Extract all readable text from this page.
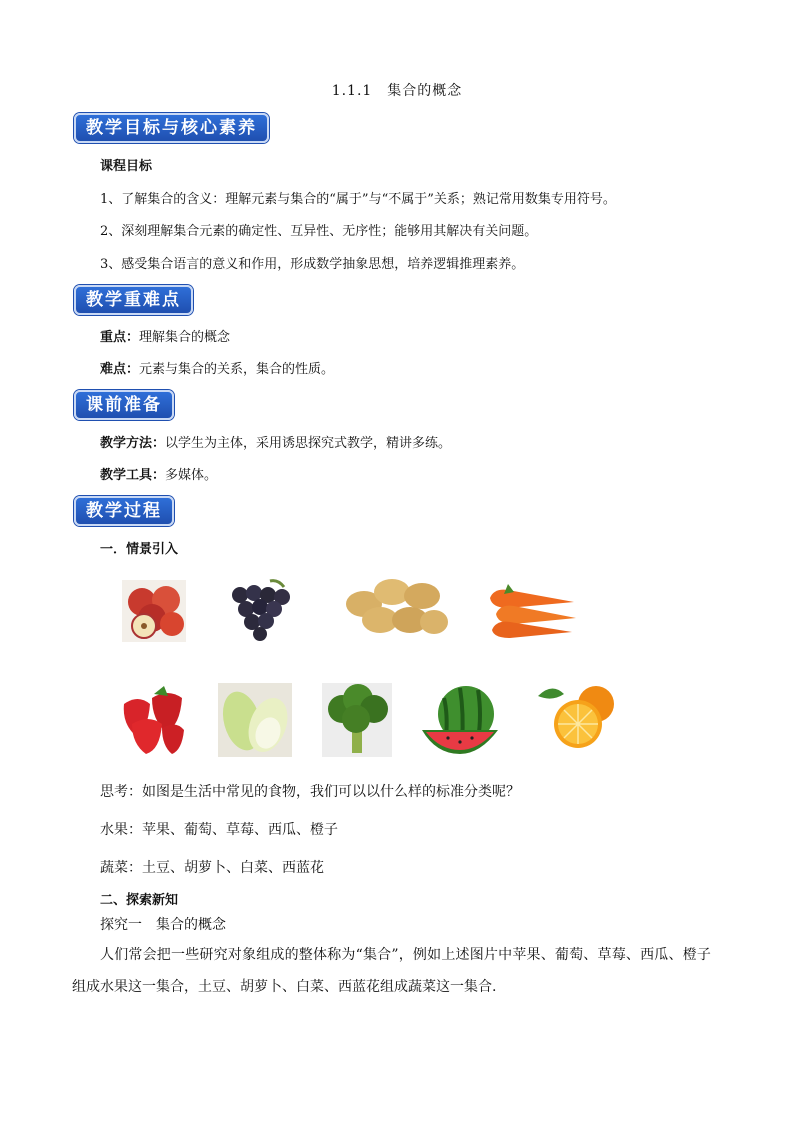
1.1.1　集合的概念
教学目标与核心素养
课程目标
1、了解集合的含义：理解元素与集合的“属于”与“不属于”关系；熟记常用数集专用符号。
2、深刻理解集合元素的确定性、互异性、无序性；能够用其解决有关问题。
3、感受集合语言的意义和作用，形成数学抽象思想，培养逻辑推理素养。
教学重难点
重点：理解集合的概念
难点：元素与集合的关系，集合的性质。
课前准备
教学方法：以学生为主体，采用诱思探究式教学，精讲多练。
教学工具：多媒体。
教学过程
一．情景引入
思考：如图是生活中常见的食物，我们可以以什么样的标准分类呢？
水果：苹果、葡萄、草莓、西瓜、橙子
蔬菜：土豆、胡萝卜、白菜、西蓝花
二、探索新知
探究一　集合的概念
人们常会把一些研究对象组成的整体称为“集合”，例如上述图片中苹果、葡萄、草莓、西瓜、橙子
组成水果这一集合，土豆、胡萝卜、白菜、西蓝花组成蔬菜这一集合.
